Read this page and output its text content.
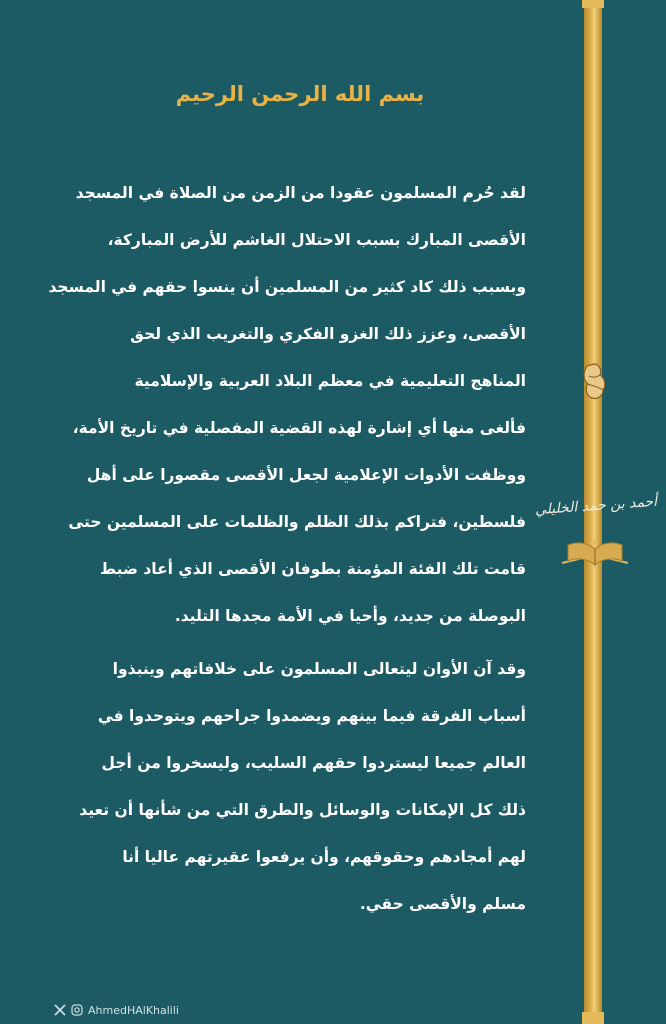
بسم الله الرحمن الرحيم
لقد حُرم المسلمون عقودا من الزمن من الصلاة في المسجد
الأقصى المبارك بسبب الاحتلال الغاشم للأرض المباركة،
وبسبب ذلك كاد كثير من المسلمين أن ينسوا حقهم في المسجد
الأقصى، وعزز ذلك الغزو الفكري والتغريب الذي لحق
المناهج التعليمية في معظم البلاد العربية والإسلامية
فألغى منها أي إشارة لهذه القضية المفصلية في تاريخ الأمة،
ووظفت الأدوات الإعلامية لجعل الأقصى مقصورا على أهل
فلسطين، فتراكم بذلك الظلم والظلمات على المسلمين حتى
قامت تلك الفئة المؤمنة بطوفان الأقصى الذي أعاد ضبط
البوصلة من جديد، وأحيا في الأمة مجدها التليد.
وقد آن الأوان ليتعالى المسلمون على خلافاتهم وينبذوا
أسباب الفرقة فيما بينهم ويضمدوا جراحهم ويتوحدوا في
العالم جميعا ليستردوا حقهم السليب، وليسخروا من أجل
ذلك كل الإمكانات والوسائل والطرق التي من شأنها أن تعيد
لهم أمجادهم وحقوقهم، وأن يرفعوا عقيرتهم عاليا أنا
مسلم والأقصى حقي.
أحمد بن حمد الخليلي
AhmedHAlKhalili
